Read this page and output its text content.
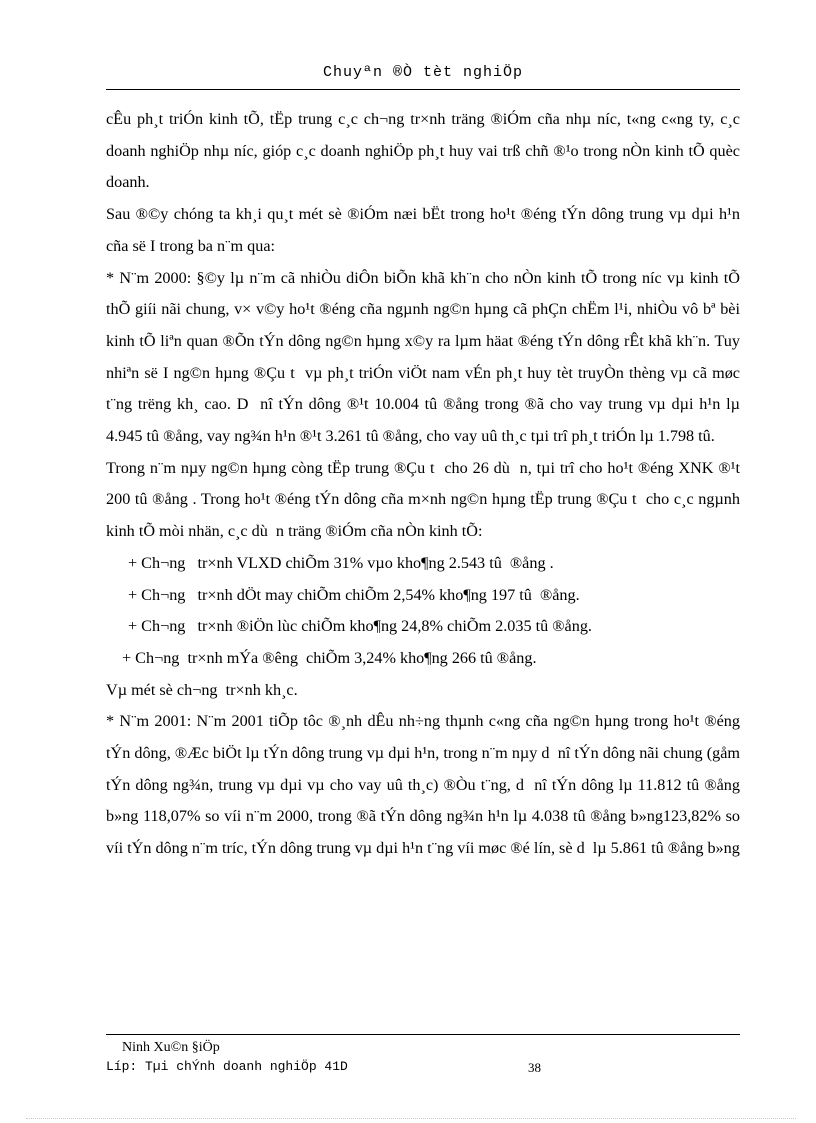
Chuyªn ®Ò tèt nghiÖp

cÊu ph¸t triÓn kinh tÕ, tËp trung c¸c ch¬ng tr×nh träng ®iÓm cña nhµ níc, t«ng c«ng ty, c¸c doanh nghiÖp nhµ níc, gióp c¸c doanh nghiÖp ph¸t huy vai trß chñ ®¹o trong nÒn kinh tÕ quèc doanh.

Sau ®©y chóng ta kh¸i qu¸t mét sè ®iÓm næi bËt trong ho¹t ®éng tÝn dông trung vµ dµi h¹n cña së I trong ba n¨m qua:

* N¨m 2000: §©y lµ n¨m cã nhiÒu diÔn biÕn khã kh¨n cho nÒn kinh tÕ trong níc vµ kinh tÕ thÕ giíi nãi chung, v× v©y ho¹t ®éng cña ngµnh ng©n hµng cã phÇn chËm l¹i, nhiÒu vô bª bèi kinh tÕ liªn quan ®Õn tÝn dông ng©n hµng x©y ra lµm häat ®éng tÝn dông rÊt khã kh¨n. Tuy nhiªn së I ng©n hµng ®Çu t  vµ ph¸t triÓn viÖt nam vÉn ph¸t huy tèt truyÒn thèng vµ cã møc t¨ng trëng kh¸ cao. D  nî tÝn dông ®¹t 10.004 tû ®ång trong ®ã cho vay trung vµ dµi h¹n lµ 4.945 tû ®ång, vay ng¾n h¹n ®¹t 3.261 tû ®ång, cho vay uû th¸c tµi trî ph¸t triÓn lµ 1.798 tû.

Trong n¨m nµy ng©n hµng còng tËp trung ®Çu t  cho 26 dù  n, tµi trî cho ho¹t ®éng XNK ®¹t 200 tû ®ång . Trong ho¹t ®éng tÝn dông cña m×nh ng©n hµng tËp trung ®Çu t  cho c¸c ngµnh kinh tÕ mòi nhän, c¸c dù  n träng ®iÓm cña nÒn kinh tÕ:

+ Ch¬ng   tr×nh VLXD chiÕm 31% vµo kho¶ng 2.543 tû  ®ång .

+ Ch¬ng   tr×nh dÖt may chiÕm chiÕm 2,54% kho¶ng 197 tû  ®ång.

+ Ch¬ng   tr×nh ®iÖn lùc chiÕm kho¶ng 24,8% chiÕm 2.035 tû ®ång.

+ Ch¬ng  tr×nh mÝa ®êng  chiÕm 3,24% kho¶ng 266 tû ®ång.

Vµ mét sè ch¬ng  tr×nh kh¸c.

* N¨m 2001: N¨m 2001 tiÕp tôc ®¸nh dÊu nh÷ng thµnh c«ng cña ng©n hµng trong ho¹t ®éng tÝn dông, ®Æc biÖt lµ tÝn dông trung vµ dµi h¹n, trong n¨m nµy d  nî tÝn dông nãi chung (gåm tÝn dông ng¾n, trung vµ dµi vµ cho vay uû th¸c) ®Òu t¨ng, d  nî tÝn dông lµ 11.812 tû ®ång b»ng 118,07% so víi n¨m 2000, trong ®ã tÝn dông ng¾n h¹n lµ 4.038 tû ®ång b»ng123,82% so víi tÝn dông n¨m tríc, tÝn dông trung vµ dµi h¹n t¨ng víi møc ®é lín, sè d  lµ 5.861 tû ®ång b»ng

Ninh Xu©n §iÖp
Líp: Tµi chÝnh doanh nghiÖp 41D	38
